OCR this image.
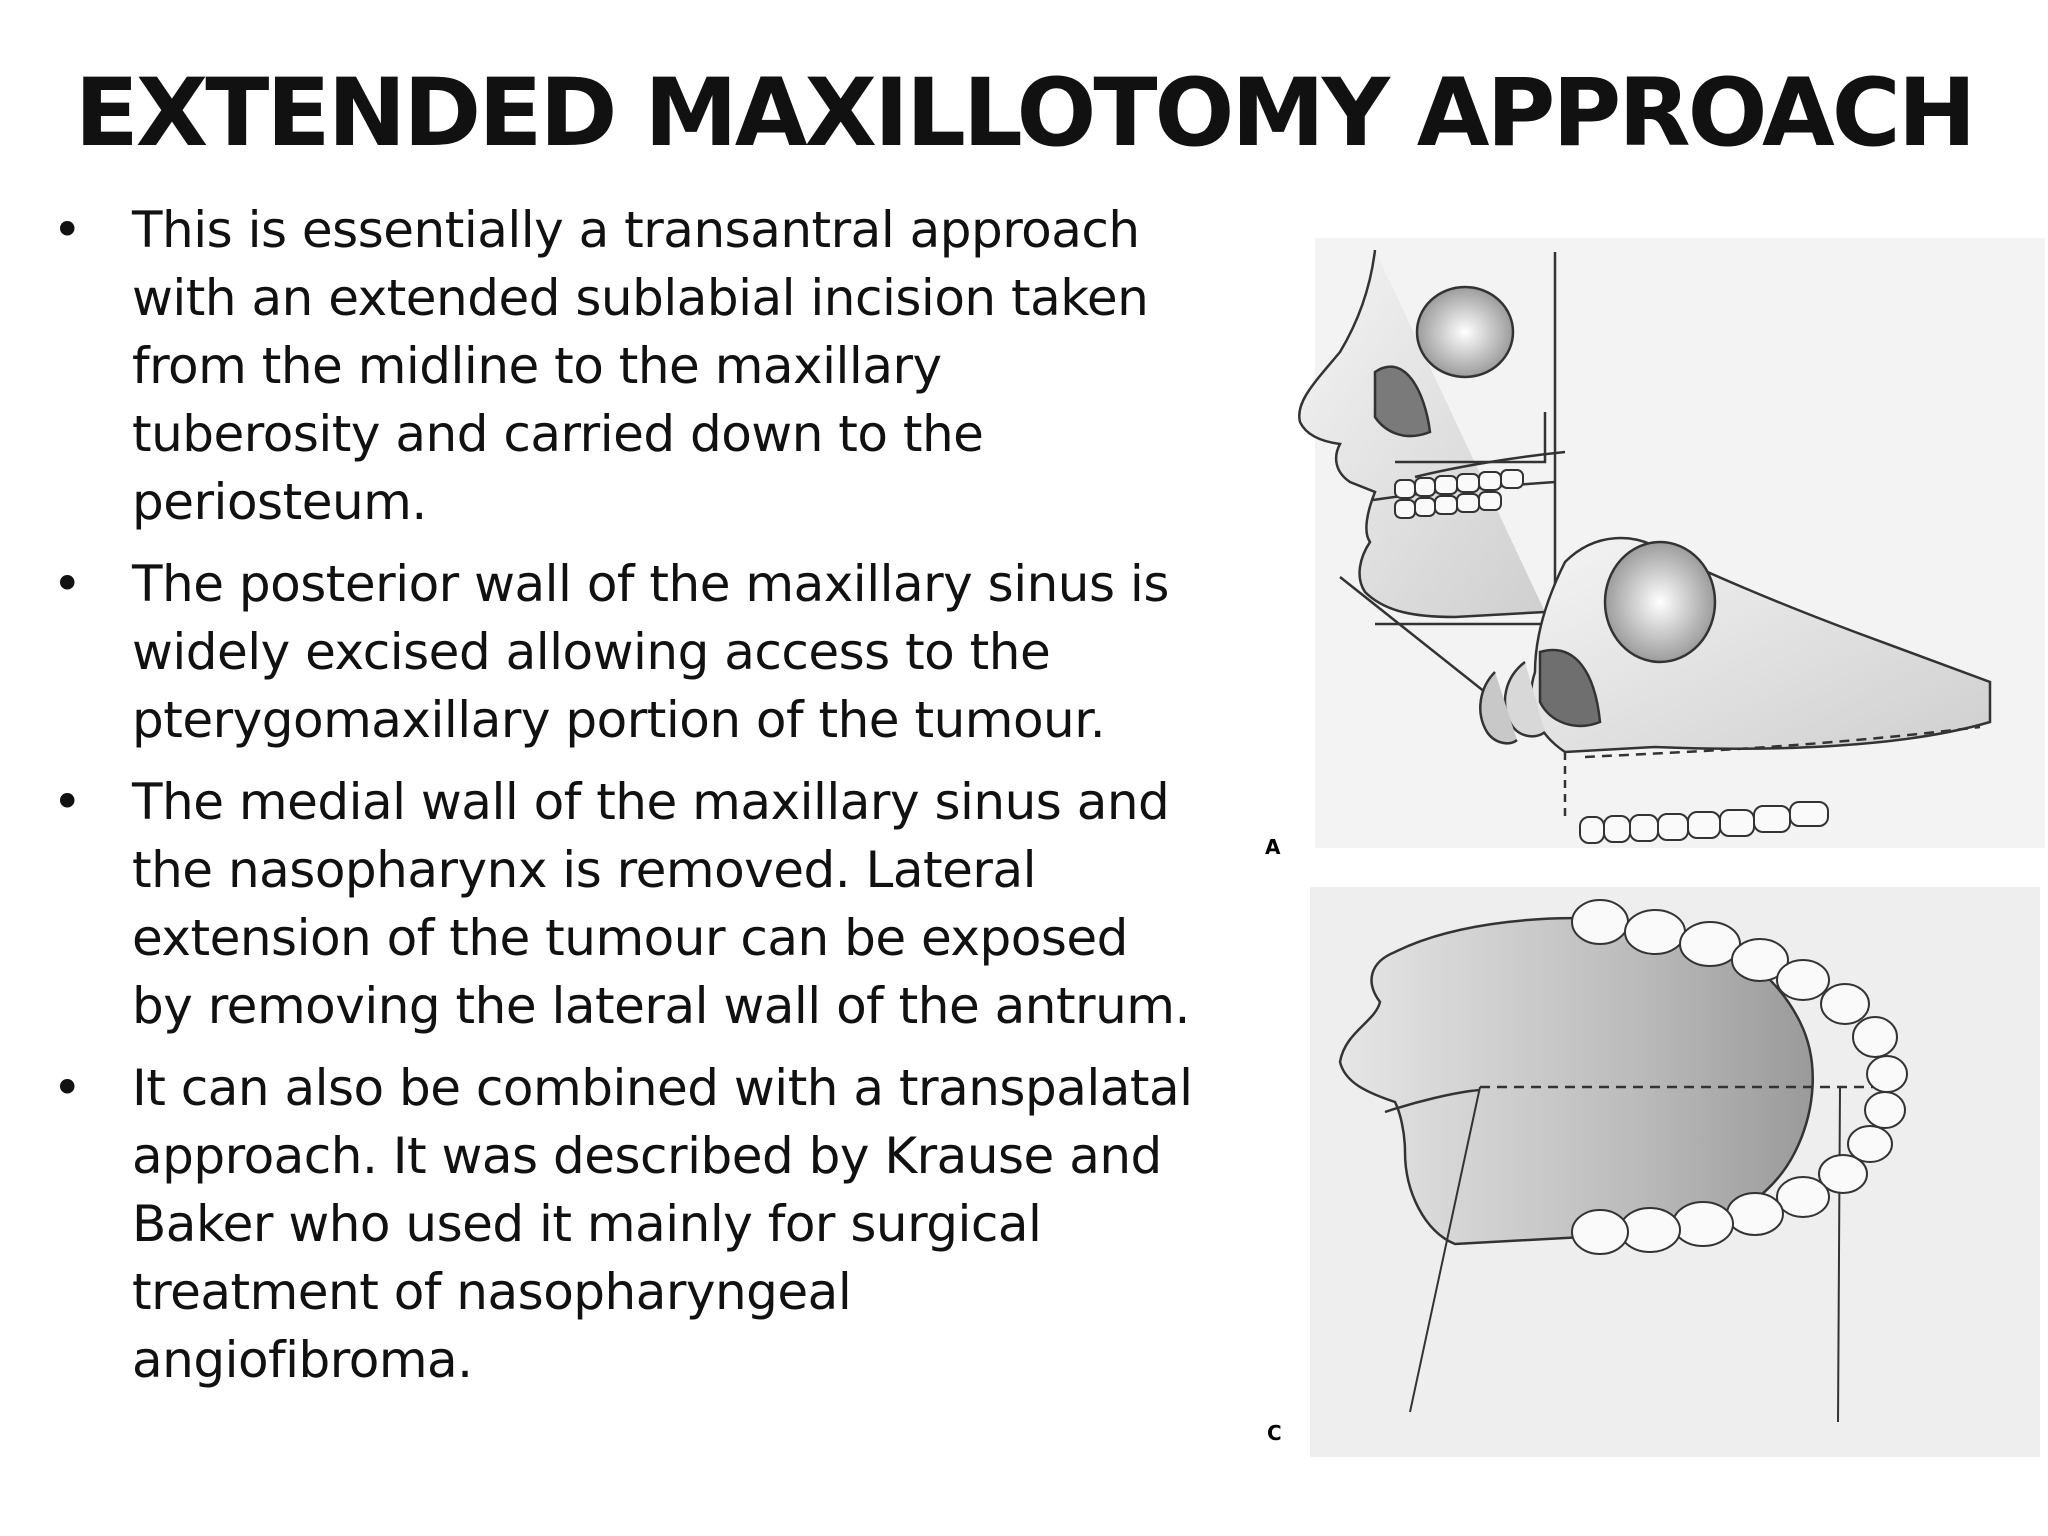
EXTENDED MAXILLOTOMY APPROACH
• This is essentially a transantral approach with an extended sublabial incision taken from the midline to the maxillary tuberosity and carried down to the periosteum.
• The posterior wall of the maxillary sinus is widely excised allowing access to the pterygomaxillary portion of the tumour.
• The medial wall of the maxillary sinus and the nasopharynx is removed. Lateral extension of the tumour can be exposed by removing the lateral wall of the antrum.
• It can also be combined with a transpalatal approach. It was described by Krause and Baker who used it mainly for surgical treatment of nasopharyngeal angiofibroma.
A
C
